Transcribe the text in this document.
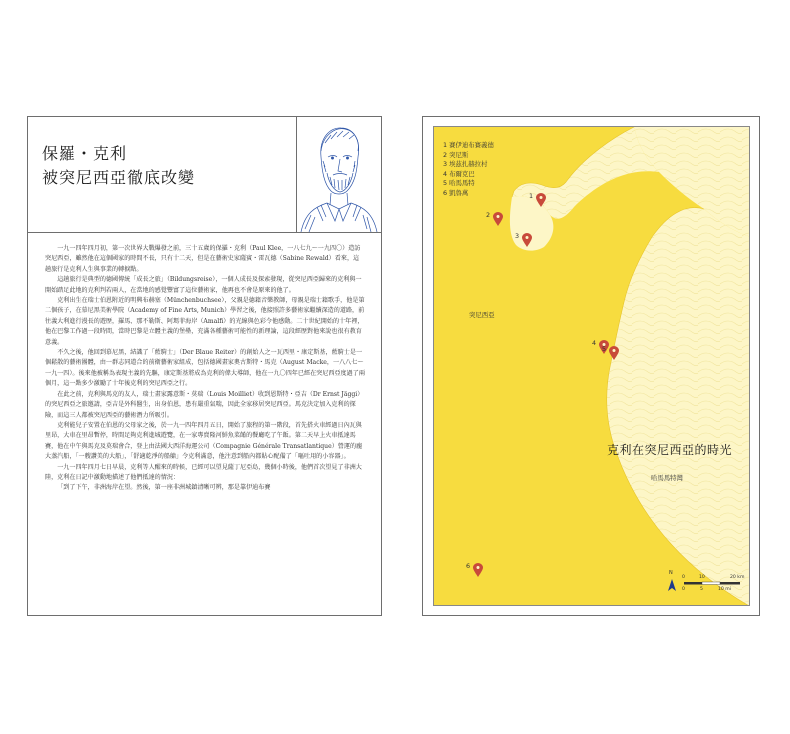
保羅・克利
被突尼西亞徹底改變

一九一四年四月初，第一次世界大戰爆發之前，三十五歲的保羅・克利（Paul Klee，一八七九～一九四〇）造訪突尼西亞，雖然他在這個國家的時間不長，只有十二天，但是在藝術史家薩賓・雷瓦德（Sabine Rewald）看來，這趟旅行是克利人生與事業的轉捩點。

這趟旅行是典型的德國傳統「成長之旅」（Bildungsreise），一個人成長及探索發現，從突尼西亞歸來的克利與一開始踏足此地的克利判若兩人，在當地的感覺豐富了這位藝術家，他再也不會是原來的他了。

克利出生在瑞士伯恩附近的明興布赫塞（Münchenbuchsee），父親是德籍音樂教師，母親是瑞士籍歌手，他是第二個孩子，在慕尼黑美術學院（Academy of Fine Arts, Munich）學習之後，他接照許多藝術家繼續深造的道路，前往義大利進行漫長的遊歷，羅馬、那不勒斯、阿瑪菲海岸（Amalfi）的光線與色彩令他感動。二十世紀開始的十年裡，他在巴黎工作過一段時間，當時巴黎是立體主義的堡壘，充滿各種藝術可能性的新理論，這段經歷對他來說也很有教育意義。

不久之後，他回到慕尼黑，結識了「藍騎士」（Der Blaue Reiter）的創始人之一瓦西里・康定斯基，藍騎士是一個鬆散的藝術團體，由一群志同道合的前衛藝術家組成，包括德國畫家奧古斯特・馬克（August Macke，一八八七～一九一四）。後來他被稱為表現主義的先驅，康定斯基將成為克利的偉大導師，他在一九〇四年已經在突尼西亞度過了兩個月，這一點多少激勵了十年後克利的突尼西亞之行。

在此之前，克利與馬克的友人，瑞士畫家露意斯・莫瑞（Louis Moilliet）收到恩斯特・亞吉（Dr Ernst Jäggi）的突尼西亞之旅邀請，亞吉是外科醫生，出身伯恩，患有嚴重氣喘，因此全家移居突尼西亞。馬克決定加入克利的探險，而這三人都被突尼西亞的藝術潛力所吸引。

克利能兒子安置在伯恩的父母家之後，於一九一四年四月五日，開始了旅程的第一階段，首先搭火車經過日內瓦與里昂，大車在里昂暫停，時間足夠克利進城遊覽，在一家專賣隆河鮮魚菜餚的餐廳吃了午飯。第二天早上火車抵達馬賽，他在中午與馬克及莫瑞會合，登上由法國大西洋海運公司（Compagnie Générale Transatlantique）營運的龐大蒸汽船，「一艘讚美的大船」，「舒適乾淨的船艙」令克利滿意，他注意到船內都貼心配備了「嘔吐用的小容器」。

一九一四年四月七日早晨，克利等人醒來的時候，已經可以望見薩丁尼亞島，幾個小時後，他們首次望見了非洲大陸，克利在日記中激動地描述了他們抵達的情況：

「到了下午，非洲海岸在望。然後，第一座非洲城鎮清晰可辨，那是靠伊迪布賽

1 賽伊迪布賽義德
2 突尼斯
3 埃茲扎赫拉村
4 布爾克巴
5 哈馬馬特
6 凱魯萬
突尼西亞
哈馬馬特灣
克利在突尼西亞的時光
1
2
3
4
5
6
N
0	10	20 km
0	5	10 mi
